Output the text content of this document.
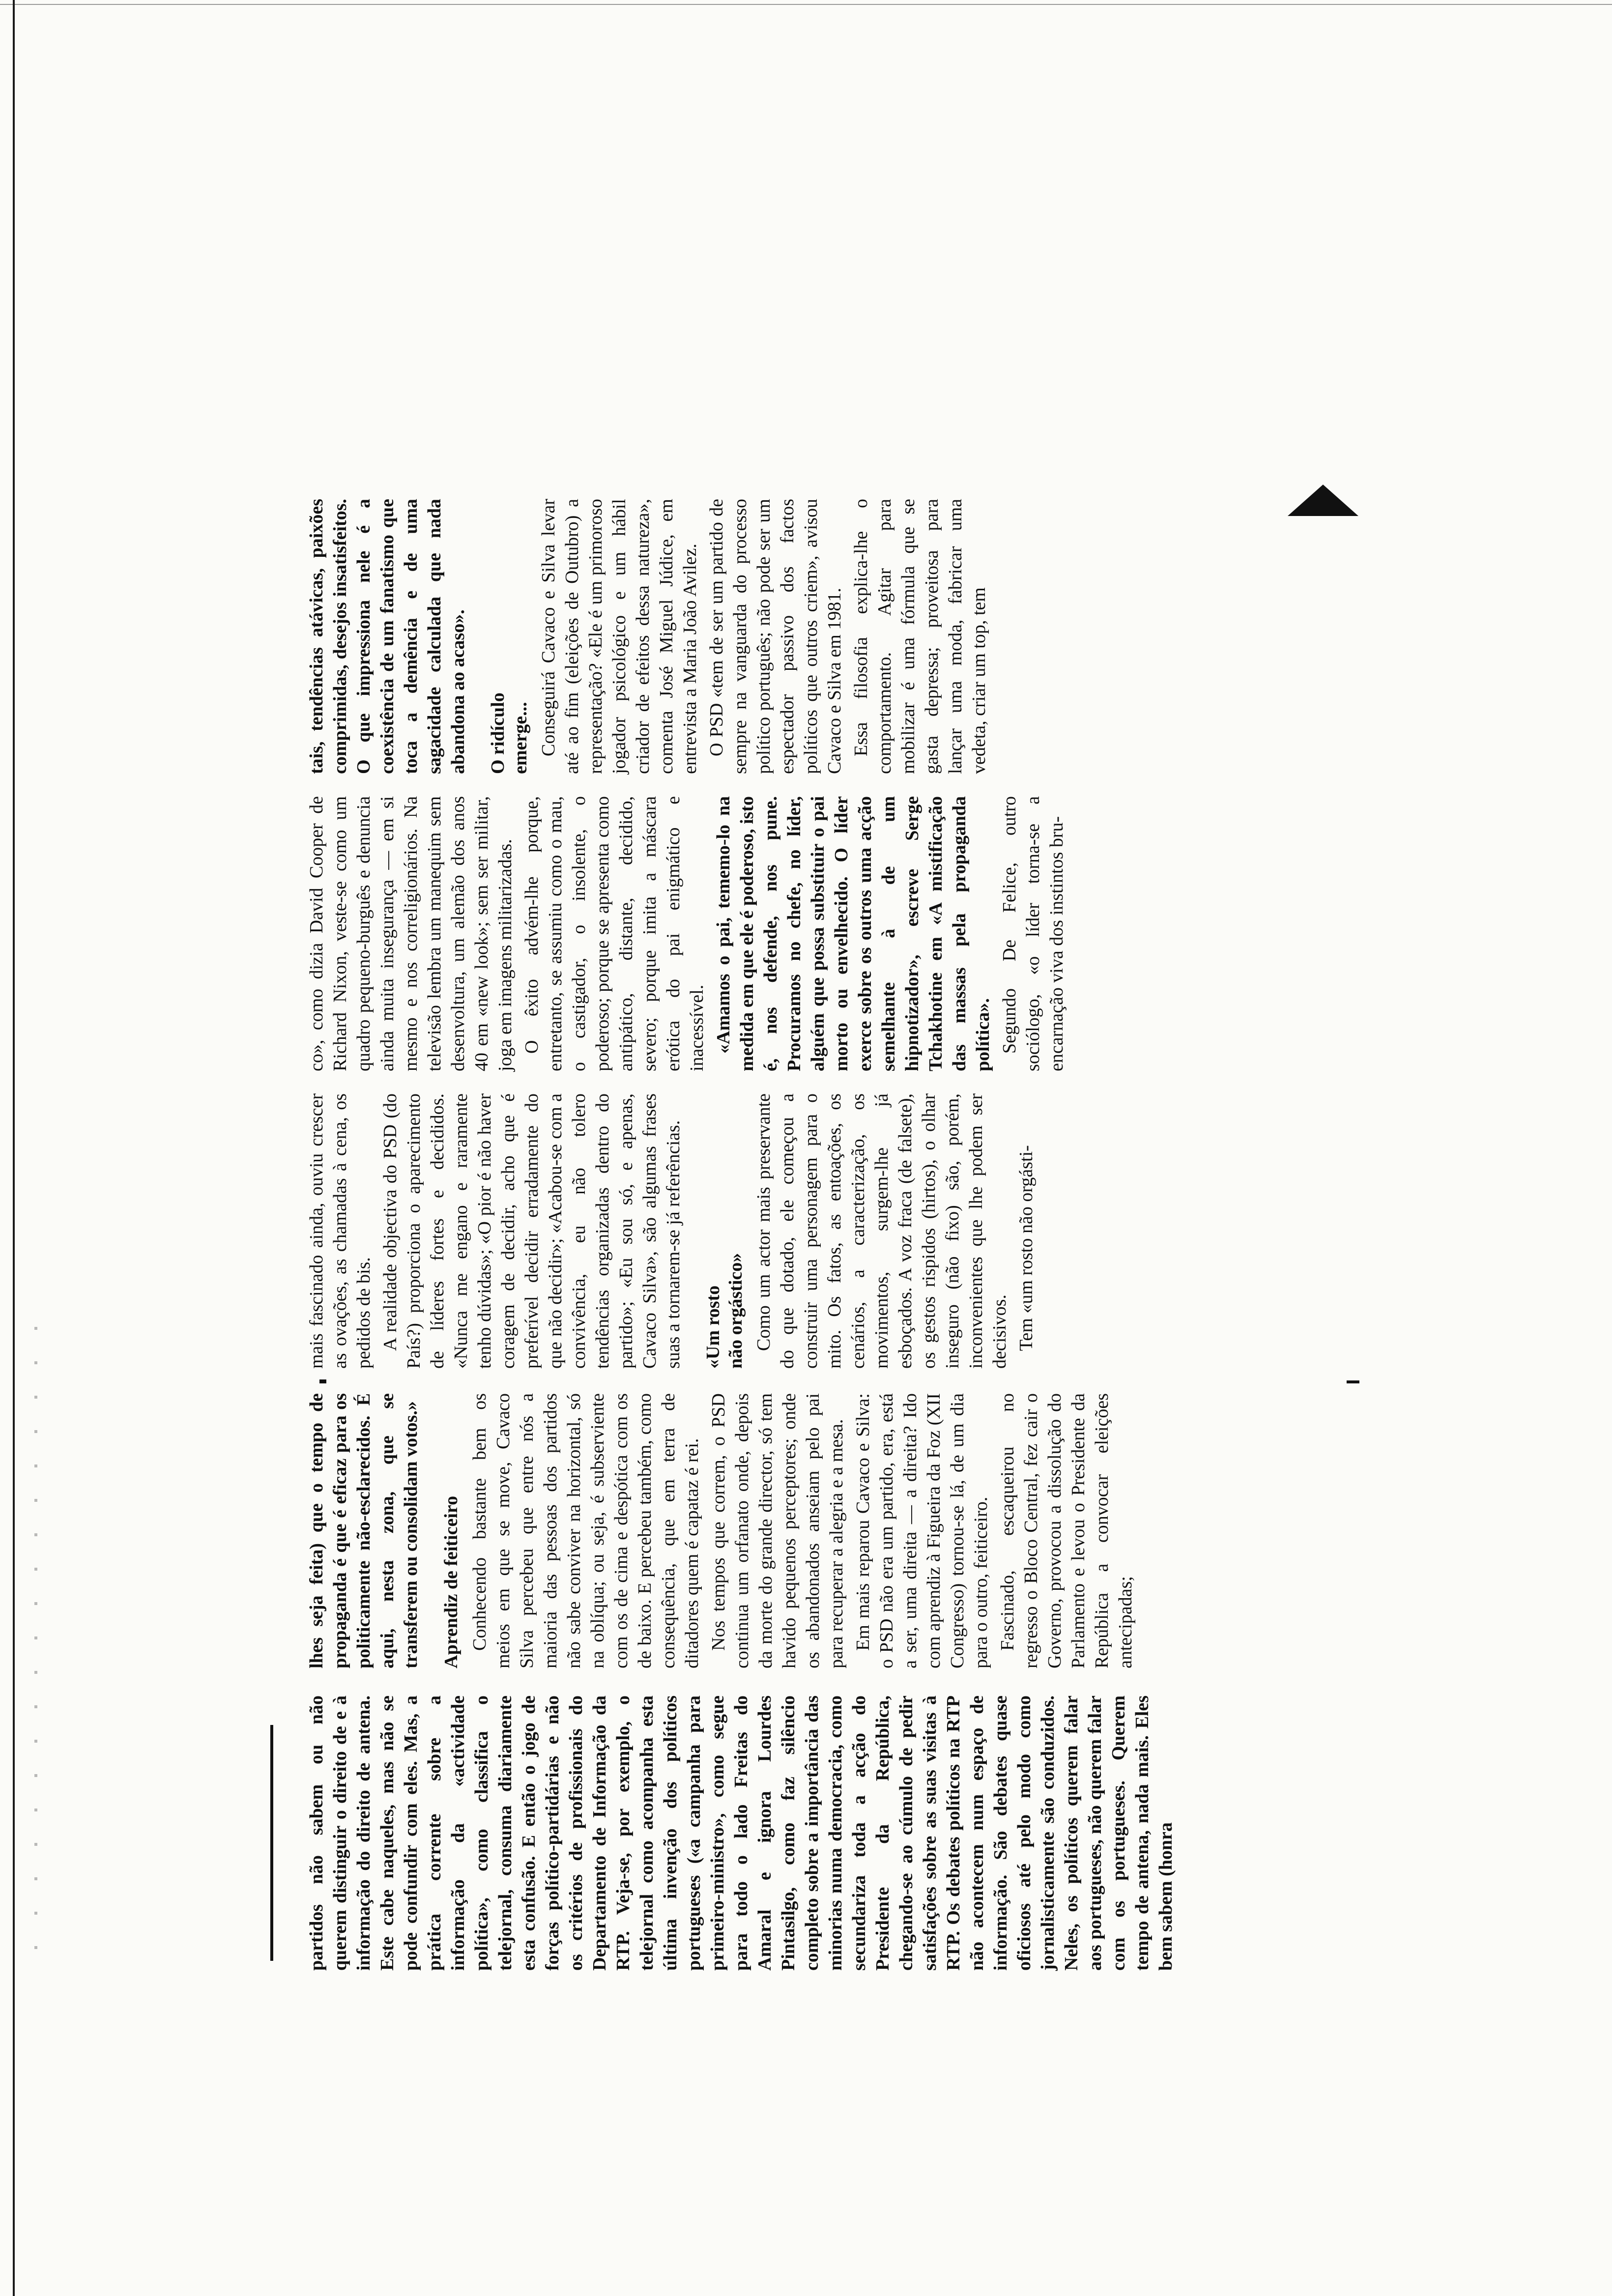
partidos não sabem ou não querem distinguir o direito de e à informação do direito de antena. Este cabe naqueles, mas não se pode confundir com eles. Mas, a prática corrente sobre a informação da «actividade política», como classifica o telejornal, consuma diariamente esta confusão. E então o jogo de forças político-partidárias e não os critérios de profissionais do Departamento de Informação da RTP. Veja-se, por exemplo, o telejornal como acompanha esta última invenção dos políticos portugueses («a campanha para primeiro-ministro», como segue para todo o lado Freitas do Amaral e ignora Lourdes Pintasilgo, como faz silêncio completo sobre a importância das minorias numa democracia, como secundariza toda a acção do Presidente da República, chegando-se ao cúmulo de pedir satisfações sobre as suas visitas à RTP. Os debates políticos na RTP não acontecem num espaço de informação. São debates quase oficiosos até pelo modo como jornalisticamente são conduzidos. Neles, os políticos querem falar aos portugueses, não querem falar com os portugueses. Querem tempo de antena, nada mais. Eles bem sabem (honra

lhes seja feita) que o tempo de propaganda é que é eficaz para os politicamente não-esclarecidos. É aqui, nesta zona, que se transferem ou consolidam votos.» Aprendiz de feiticeiro Conhecendo bastante bem os meios em que se move, Cavaco Silva percebeu que entre nós a maioria das pessoas dos partidos não sabe conviver na horizontal, só na oblíqua; ou seja, é subserviente com os de cima e despótica com os de baixo. E percebeu também, como consequência, que em terra de ditadores quem é capataz é rei. Nos tempos que correm, o PSD continua um orfanato onde, depois da morte do grande director, só tem havido pequenos perceptores; onde os abandonados anseiam pelo pai para recuperar a alegria e a mesa. Em mais reparou Cavaco e Silva: o PSD não era um partido, era, está a ser, uma direita — a direita? Ido com aprendiz à Figueira da Foz (XII Congresso) tornou-se lá, de um dia para o outro, feiticeiro. Fascinado, escaqueirou no regresso o Bloco Central, fez cair o Governo, provocou a dissolução do Parlamento e levou o Presidente da República a convocar eleições antecipadas;

mais fascinado ainda, ouviu crescer as ovações, as chamadas à cena, os pedidos de bis. A realidade objectiva do PSD (do País?) proporciona o aparecimento de líderes fortes e decididos. «Nunca me engano e raramente tenho dúvidas»; «O pior é não haver coragem de decidir, acho que é preferível decidir erradamente do que não decidir»; «Acabou-se com a convivência, eu não tolero tendências organizadas dentro do partido»; «Eu sou só, e apenas, Cavaco Silva», são algumas frases suas a tornarem-se já referências. «Um rosto não orgástico» Como um actor mais preservante do que dotado, ele começou a construir uma personagem para o mito. Os fatos, as entoações, os cenários, a caracterização, os movimentos, surgem-lhe já esboçados. A voz fraca (de falsete), os gestos rispidos (hirtos), o olhar inseguro (não fixo) são, porém, inconvenientes que lhe podem ser decisivos. Tem «um rosto não orgásti-

co», como dizia David Cooper de Richard Nixon, veste-se como um quadro pequeno-burguês e denuncia ainda muita insegurança — em si mesmo e nos correligionários. Na televisão lembra um manequim sem desenvoltura, um alemão dos anos 40 em «new look»; sem ser militar, joga em imagens militarizadas. O êxito advém-lhe porque, entretanto, se assumiu como o mau, o castigador, o insolente, o poderoso; porque se apresenta como antipático, distante, decidido, severo; porque imita a máscara erótica do pai enigmático e inacessível. «Amamos o pai, tememo-lo na medida em que ele é poderoso, isto é, nos defende, nos pune. Procuramos no chefe, no líder, alguém que possa substituir o pai morto ou envelhecido. O líder exerce sobre os outros uma acção semelhante à de um hipnotizador», escreve Serge Tchakhotine em «A mistificação das massas pela propaganda política». Segundo De Felice, outro sociólogo, «o líder torna-se a encarnação viva dos instintos bru-

tais, tendências atávicas, paixões comprimidas, desejos insatisfeitos. O que impressiona nele é a coexistência de um fanatismo que toca a demência e de uma sagacidade calculada que nada abandona ao acaso». O ridículo emerge... Conseguirá Cavaco e Silva levar até ao fim (eleições de Outubro) a representação? «Ele é um primoroso jogador psicológico e um hábil criador de efeitos dessa natureza», comenta José Miguel Júdice, em entrevista a Maria João Avilez. O PSD «tem de ser um partido de sempre na vanguarda do processo político português; não pode ser um espectador passivo dos factos políticos que outros criem», avisou Cavaco e Silva em 1981. Essa filosofia explica-lhe o comportamento. Agitar para mobilizar é uma fórmula que se gasta depressa; proveitosa para lançar uma moda, fabricar uma vedeta, criar um top, tem
